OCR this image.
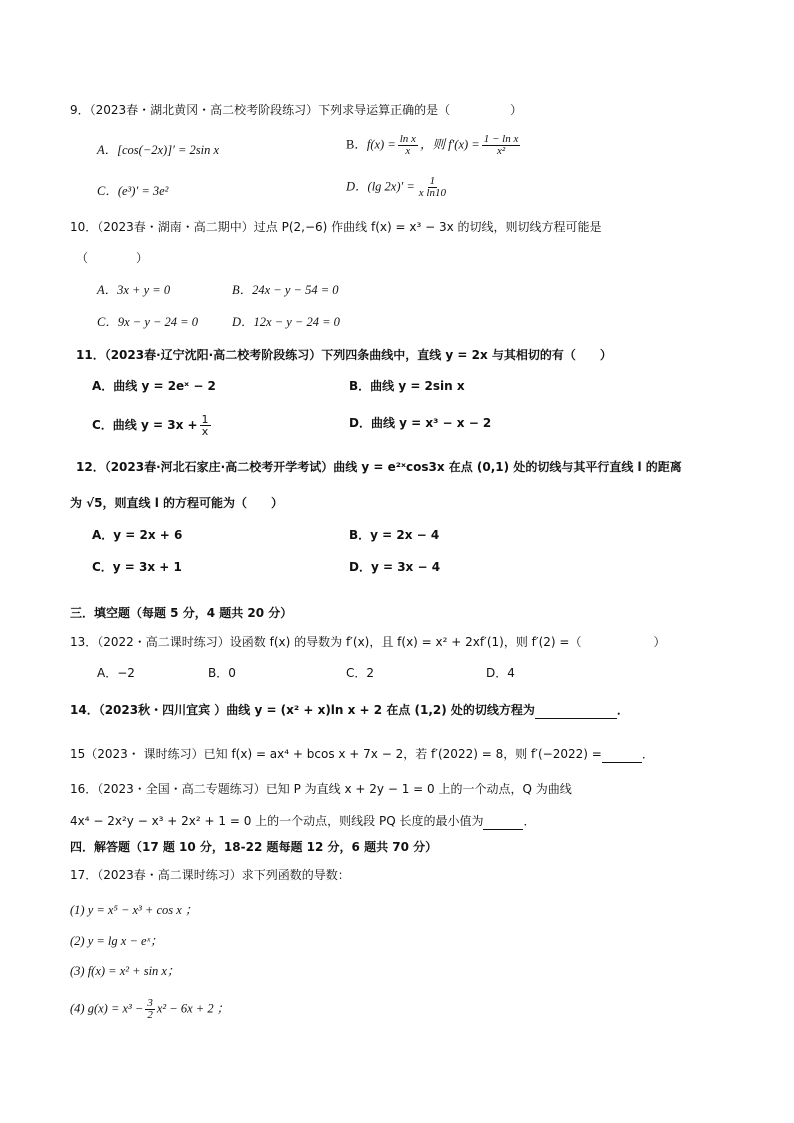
9．（2023春・湖北黄冈・高二校考阶段练习）下列求导运算正确的是（　　　　　）
A．[cos(−2x)]′ = 2sin x	B．$f(x) = \frac{\text{ln x}}{x}$ ，则 $f'(x) = \frac{\text{1 − ln x}}{\text{x²}}$
C．(e³)′ = 3e²	D．(lg $2x)' = \frac{1}{\text{x ln10}}$
10．（2023春・湖南・高二期中）过点 P(2,−6) 作曲线 f(x) = x³ − 3x 的切线，则切线方程可能是
（　　　　）
A．3x + y = 0	B．24x − y − 54 = 0
C．9x − y − 24 = 0	D．12x − y − 24 = 0
11．（2023春·辽宁沈阳·高二校考阶段练习）下列四条曲线中，直线 y = 2x 与其相切的有（　　）
A．曲线 y = 2eˣ − 2	B．曲线 y = 2sin x
C．曲线 $y = 3x + \frac{1}{x}$	D．曲线 y = x³ − x − 2
12．（2023春·河北石家庄·高二校考开学考试）曲线 y = e²ˣcos3x 在点 (0,1) 处的切线与其平行直线 l 的距离
为 √5，则直线 l 的方程可能为（　　）
A．y = 2x + 6	B．y = 2x − 4
C．y = 3x + 1	D．y = 3x − 4
三．填空题（每题 5 分，4 题共 20 分）
13．（2022・高二课时练习）设函数 f(x) 的导数为 f′(x)，且 f(x) = x² + 2xf′(1)，则 f′(2) =（　　　　　　）
A．−2	B．0	C．2	D．4
14．（2023秋・四川宜宾 ）曲线 y = (x² + x)ln x + 2 在点 (1,2) 处的切线方程为	．
15（2023・ 课时练习）已知 f(x) = ax⁴ + bcos x + 7x − 2，若 f′(2022) = 8，则 f′(−2022) =	．
16．（2023・全国・高二专题练习）已知 P 为直线 x + 2y − 1 = 0 上的一个动点，Q 为曲线
4x⁴ − 2x²y − x³ + 2x² + 1 = 0 上的一个动点，则线段 PQ 长度的最小值为	．
四．解答题（17 题 10 分，18-22 题每题 12 分，6 题共 70 分）
17．（2023春・高二课时练习）求下列函数的导数：
(1) y = x⁵ − x³ + cos x ；
(2) y = lg x − eˣ；
(3) f(x) = x² + sin x；
(4) $g(x) = x^3 - \frac{3}{2} x^2 - 6x + 2$ ；
